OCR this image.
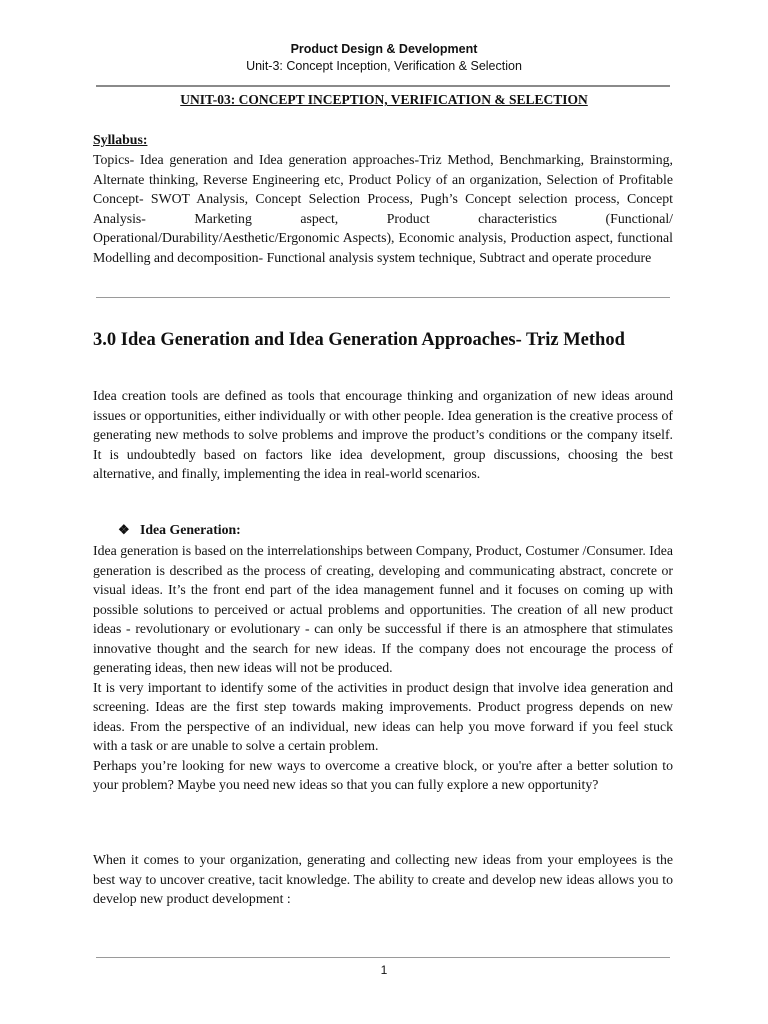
Product Design & Development
Unit-3: Concept Inception, Verification & Selection
UNIT-03: CONCEPT INCEPTION, VERIFICATION & SELECTION
Syllabus:

Topics- Idea generation and Idea generation approaches-Triz Method, Benchmarking, Brainstorming, Alternate thinking, Reverse Engineering etc, Product Policy of an organization, Selection of Profitable Concept- SWOT Analysis, Concept Selection Process, Pugh’s Concept selection process, Concept Analysis- Marketing aspect, Product characteristics (Functional/ Operational/Durability/Aesthetic/Ergonomic Aspects), Economic analysis, Production aspect, functional Modelling and decomposition- Functional analysis system technique, Subtract and operate procedure

3.0 Idea Generation and Idea Generation Approaches- Triz Method

Idea creation tools are defined as tools that encourage thinking and organization of new ideas around issues or opportunities, either individually or with other people. Idea generation is the creative process of generating new methods to solve problems and improve the product’s conditions or the company itself. It is undoubtedly based on factors like idea development, group discussions, choosing the best alternative, and finally, implementing the idea in real-world scenarios.

❖ Idea Generation:

Idea generation is based on the interrelationships between Company, Product, Costumer /Consumer. Idea generation is described as the process of creating, developing and communicating abstract, concrete or visual ideas. It’s the front end part of the idea management funnel and it focuses on coming up with possible solutions to perceived or actual problems and opportunities. The creation of all new product ideas - revolutionary or evolutionary - can only be successful if there is an atmosphere that stimulates innovative thought and the search for new ideas. If the company does not encourage the process of generating ideas, then new ideas will not be produced.

It is very important to identify some of the activities in product design that involve idea generation and screening. Ideas are the first step towards making improvements. Product progress depends on new ideas. From the perspective of an individual, new ideas can help you move forward if you feel stuck with a task or are unable to solve a certain problem.

Perhaps you’re looking for new ways to overcome a creative block, or you're after a better solution to your problem? Maybe you need new ideas so that you can fully explore a new opportunity?

When it comes to your organization, generating and collecting new ideas from your employees is the best way to uncover creative, tacit knowledge. The ability to create and develop new ideas allows you to develop new product development :

1
